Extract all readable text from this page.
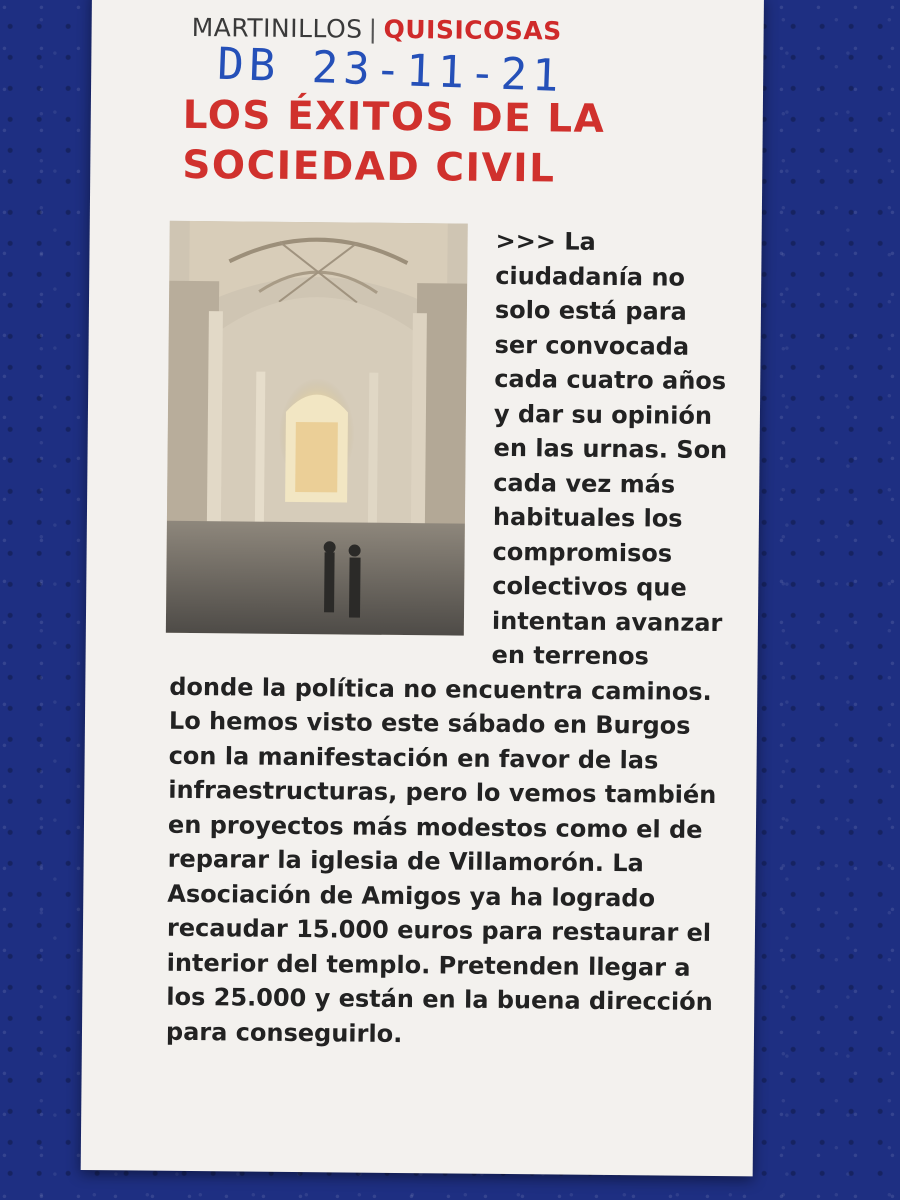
MARTINILLOS | QUISICOSAS
DB 23-11-21
LOS ÉXITOS DE LA SOCIEDAD CIVIL
>>> La ciudadanía no solo está para ser convocada cada cuatro años y dar su opinión en las urnas. Son cada vez más habituales los compromisos colectivos que intentan avanzar en terrenos donde la política no encuentra caminos. Lo hemos visto este sábado en Burgos con la manifestación en favor de las infraestructuras, pero lo vemos también en proyectos más modestos como el de reparar la iglesia de Villamorón. La Asociación de Amigos ya ha logrado recaudar 15.000 euros para restaurar el interior del templo. Pretenden llegar a los 25.000 y están en la buena dirección para conseguirlo.
